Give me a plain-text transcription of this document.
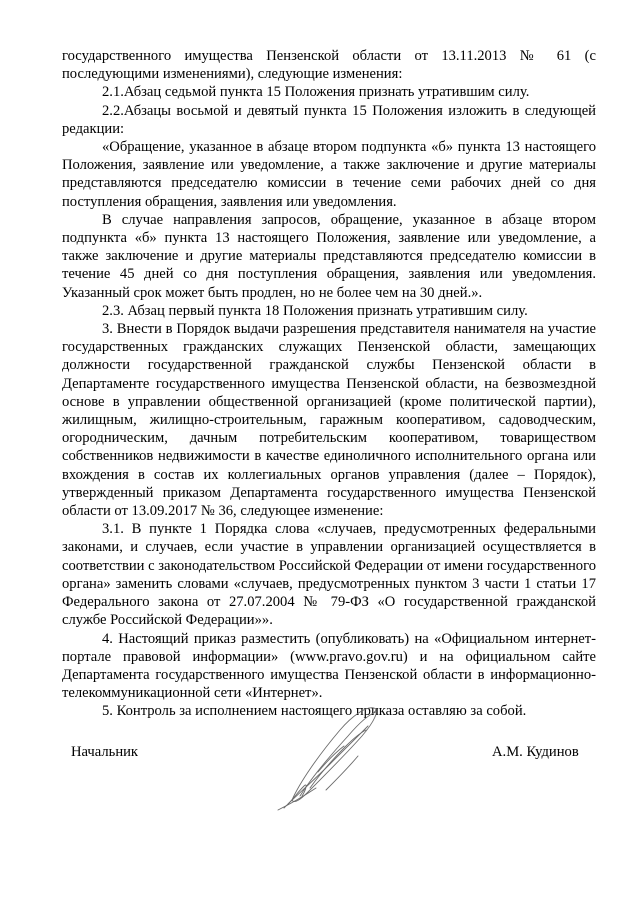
государственного имущества Пензенской области от 13.11.2013 № 61 (с последующими изменениями), следующие изменения:

2.1.Абзац седьмой пункта 15 Положения признать утратившим силу.

2.2.Абзацы восьмой и девятый пункта 15 Положения изложить в следующей редакции:

«Обращение, указанное в абзаце втором подпункта «б» пункта 13 настоящего Положения, заявление или уведомление, а также заключение и другие материалы представляются председателю комиссии в течение семи рабочих дней со дня поступления обращения, заявления или уведомления.

В случае направления запросов, обращение, указанное в абзаце втором подпункта «б» пункта 13 настоящего Положения, заявление или уведомление, а также заключение и другие материалы представляются председателю комиссии в течение 45 дней со дня поступления обращения, заявления или уведомления. Указанный срок может быть продлен, но не более чем на 30 дней.».

2.3. Абзац первый пункта 18 Положения признать утратившим силу.

3. Внести в Порядок выдачи разрешения представителя нанимателя на участие государственных гражданских служащих Пензенской области, замещающих должности государственной гражданской службы Пензенской области в Департаменте государственного имущества Пензенской области, на безвозмездной основе в управлении общественной организацией (кроме политической партии), жилищным, жилищно-строительным, гаражным кооперативом, садоводческим, огородническим, дачным потребительским кооперативом, товариществом собственников недвижимости в качестве единоличного исполнительного органа или вхождения в состав их коллегиальных органов управления (далее – Порядок), утвержденный приказом Департамента государственного имущества Пензенской области от 13.09.2017 № 36, следующее изменение:

3.1. В пункте 1 Порядка слова «случаев, предусмотренных федеральными законами, и случаев, если участие в управлении организацией осуществляется в соответствии с законодательством Российской Федерации от имени государственного органа» заменить словами «случаев, предусмотренных пунктом 3 части 1 статьи 17 Федерального закона от 27.07.2004 № 79-ФЗ «О государственной гражданской службе Российской Федерации»».

4. Настоящий приказ разместить (опубликовать) на «Официальном интернет-портале правовой информации» (www.pravo.gov.ru) и на официальном сайте Департамента государственного имущества Пензенской области в информационно-телекоммуникационной сети «Интернет».

5. Контроль за исполнением настоящего приказа оставляю за собой.

Начальник	А.М. Кудинов
